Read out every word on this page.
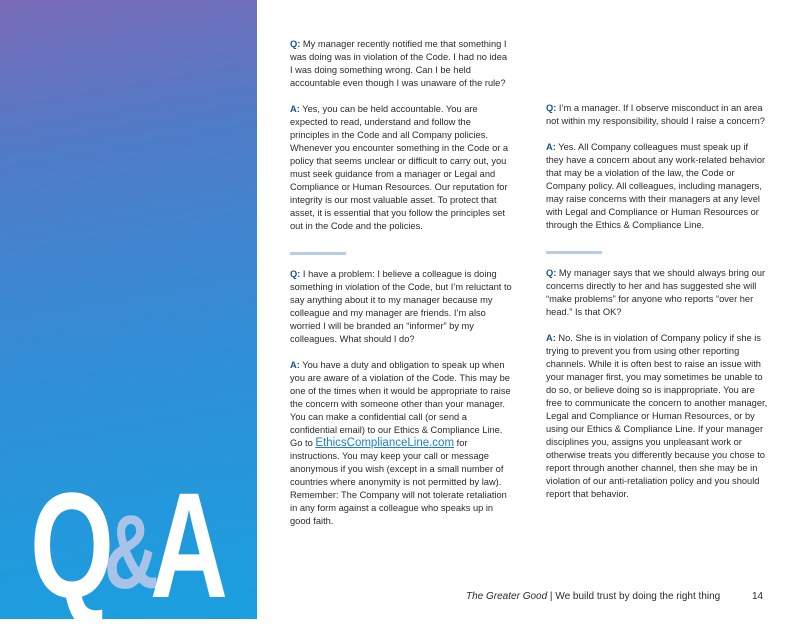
Q
&
A

Q: My manager recently notified me that something I was doing was in violation of the Code. I had no idea I was doing something wrong. Can I be held accountable even though I was unaware of the rule?

A: Yes, you can be held accountable. You are expected to read, understand and follow the principles in the Code and all Company policies. Whenever you encounter something in the Code or a policy that seems unclear or difficult to carry out, you must seek guidance from a manager or Legal and Compliance or Human Resources. Our reputation for integrity is our most valuable asset. To protect that asset, it is essential that you follow the principles set out in the Code and the policies.

Q: I have a problem: I believe a colleague is doing something in violation of the Code, but I’m reluctant to say anything about it to my manager because my colleague and my manager are friends. I’m also worried I will be branded an “informer” by my colleagues. What should I do?

A: You have a duty and obligation to speak up when you are aware of a violation of the Code. This may be one of the times when it would be appropriate to raise the concern with someone other than your manager. You can make a confidential call (or send a confidential email) to our Ethics & Compliance Line. Go to EthicsComplianceLine.com for instructions. You may keep your call or message anonymous if you wish (except in a small number of countries where anonymity is not permitted by law). Remember: The Company will not tolerate retaliation in any form against a colleague who speaks up in good faith.

Q: I’m a manager. If I observe misconduct in an area not within my responsibility, should I raise a concern?

A: Yes. All Company colleagues must speak up if they have a concern about any work-related behavior that may be a violation of the law, the Code or Company policy. All colleagues, including managers, may raise concerns with their managers at any level with Legal and Compliance or Human Resources or through the Ethics & Compliance Line.

Q: My manager says that we should always bring our concerns directly to her and has suggested she will “make problems” for anyone who reports “over her head.” Is that OK?

A: No. She is in violation of Company policy if she is trying to prevent you from using other reporting channels. While it is often best to raise an issue with your manager first, you may sometimes be unable to do so, or believe doing so is inappropriate. You are free to communicate the concern to another manager, Legal and Compliance or Human Resources, or by using our Ethics & Compliance Line. If your manager disciplines you, assigns you unpleasant work or otherwise treats you differently because you chose to report through another channel, then she may be in violation of our anti-retaliation policy and you should report that behavior.

The Greater Good | We build trust by doing the right thing	14
